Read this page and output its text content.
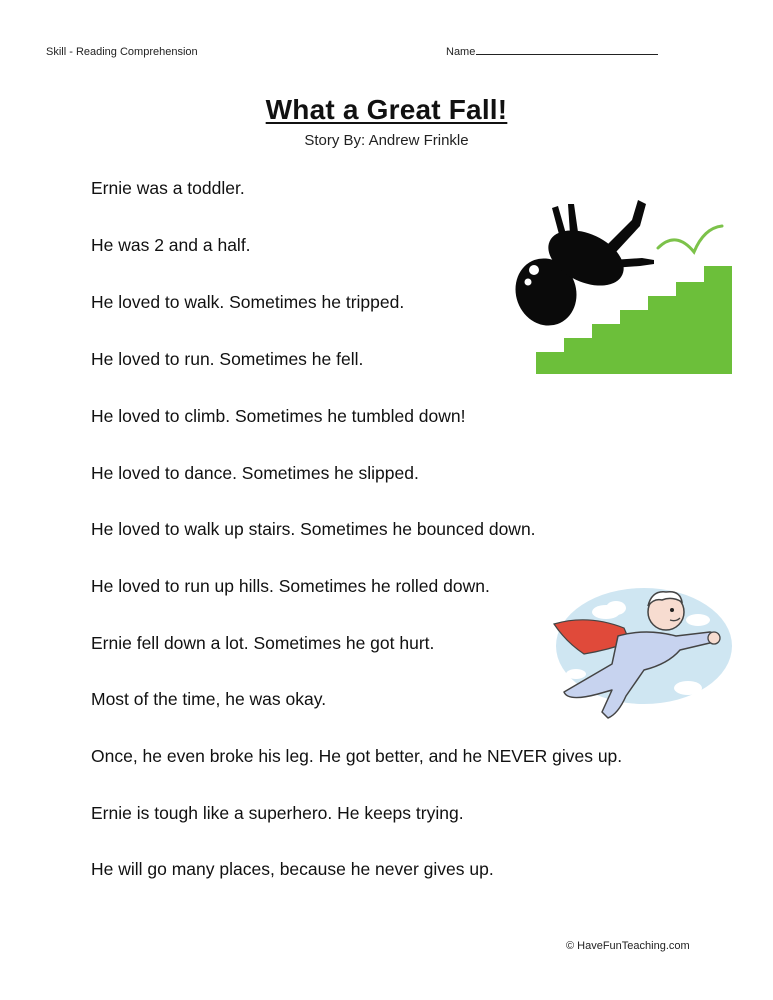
Skill - Reading Comprehension	Name
What a Great Fall!
Story By: Andrew Frinkle
Ernie was a toddler.
He was 2 and a half.
He loved to walk. Sometimes he tripped.
He loved to run. Sometimes he fell.
He loved to climb. Sometimes he tumbled down!
He loved to dance. Sometimes he slipped.
He loved to walk up stairs. Sometimes he bounced down.
He loved to run up hills. Sometimes he rolled down.
Ernie fell down a lot. Sometimes he got hurt.
Most of the time, he was okay.
Once, he even broke his leg. He got better, and he NEVER gives up.
Ernie is tough like a superhero. He keeps trying.
He will go many places, because he never gives up.
© HaveFunTeaching.com
